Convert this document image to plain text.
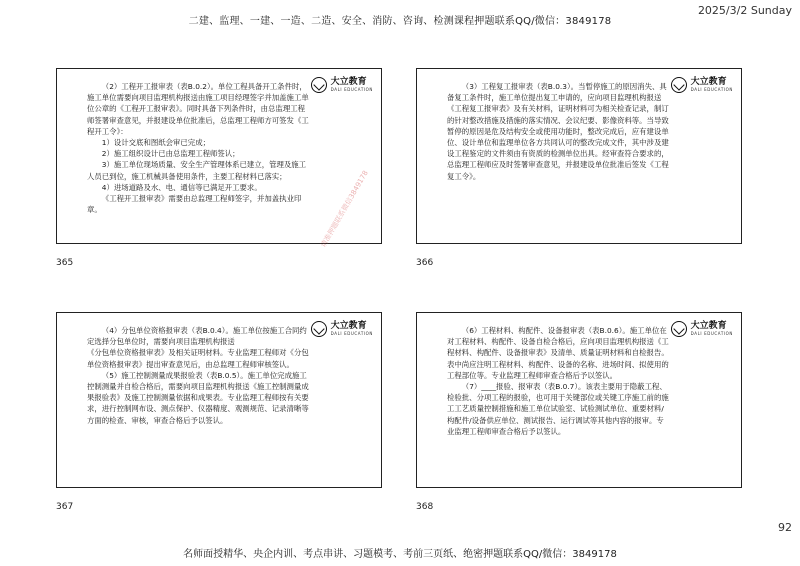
二建、监理、一建、一造、二造、安全、消防、咨询、检测课程押题联系QQ/微信：3849178
2025/3/2 Sunday
大立教育
DALI EDUCATION

（2）工程开工报审表（表B.0.2）。单位工程具备开工条件时，施工单位需要向项目监理机构报送由施工项目经理签字并加盖施工单位公章的《工程开工报审表》。同时具备下列条件时，由总监理工程师签署审查意见，并报建设单位批准后，总监理工程师方可签发《工程开工令》：

1）设计交底和图纸会审已完成；

2）施工组织设计已由总监理工程师签认；

3）施工单位现场质量、安全生产管理体系已建立，管理及施工人员已到位，施工机械具备使用条件，主要工程材料已落实；

4）进场道路及水、电、通信等已满足开工要求。

《工程开工报审表》需要由总监理工程师签字，并加盖执业印章。	请准押题联系微信3849178
365
大立教育
DALI EDUCATION

（3）工程复工报审表（表B.0.3）。当暂停施工的原因消失、具备复工条件时，施工单位提出复工申请的，应向项目监理机构报送《工程复工报审表》及有关材料，证明材料可为相关检查记录，制订的针对整改措施及措施的落实情况、会议纪要、影像资料等。当导致暂停的原因是危及结构安全或使用功能时，整改完成后，应有建设单位、设计单位和监理单位各方共同认可的整改完成文件，其中涉及建设工程鉴定的文件须由有资质的检测单位出具。经审查符合要求的，总监理工程师应及时签署审查意见，并报建设单位批准后签发《工程复工令》。

366
大立教育
DALI EDUCATION

（4）分包单位资格报审表（表B.0.4）。施工单位按施工合同约定选择分包单位时，需要向项目监理机构报送

《分包单位资格报审表》及相关证明材料。专业监理工程师对《分包单位资格报审表》提出审查意见后，由总监理工程师审核签认。

（5）施工控制测量成果报验表（表B.0.5）。施工单位完成施工控制测量并自检合格后，需要向项目监理机构报送《施工控制测量成果报验表》及施工控制测量依据和成果表。专业监理工程师按有关要求，进行控制网布设、测点保护、仪器精度、观测规范、记录清晰等方面的检查、审核，审查合格后予以签认。

367
大立教育
DALI EDUCATION

（6）工程材料、构配件、设备报审表（表B.0.6）。施工单位在对工程材料、构配件、设备自检合格后，应向项目监理机构报送《工程材料、构配件、设备报审表》及清单、质量证明材料和自检报告。表中尚应注明工程材料、构配件、设备的名称、进场时间、拟使用的工程部位等。专业监理工程师审查合格后予以签认。

（7）____报验、报审表（表B.0.7）。该表主要用于隐蔽工程、检验批、分项工程的报验，也可用于关键部位或关键工序施工前的施工工艺质量控制措施和施工单位试验室、试验测试单位、重要材料/构配件/设备供应单位、测试报告、运行调试等其他内容的报审。专业监理工程师审查合格后予以签认。

368
92
名师面授精华、央企内训、考点串讲、习题模考、考前三页纸、绝密押题联系QQ/微信：3849178
